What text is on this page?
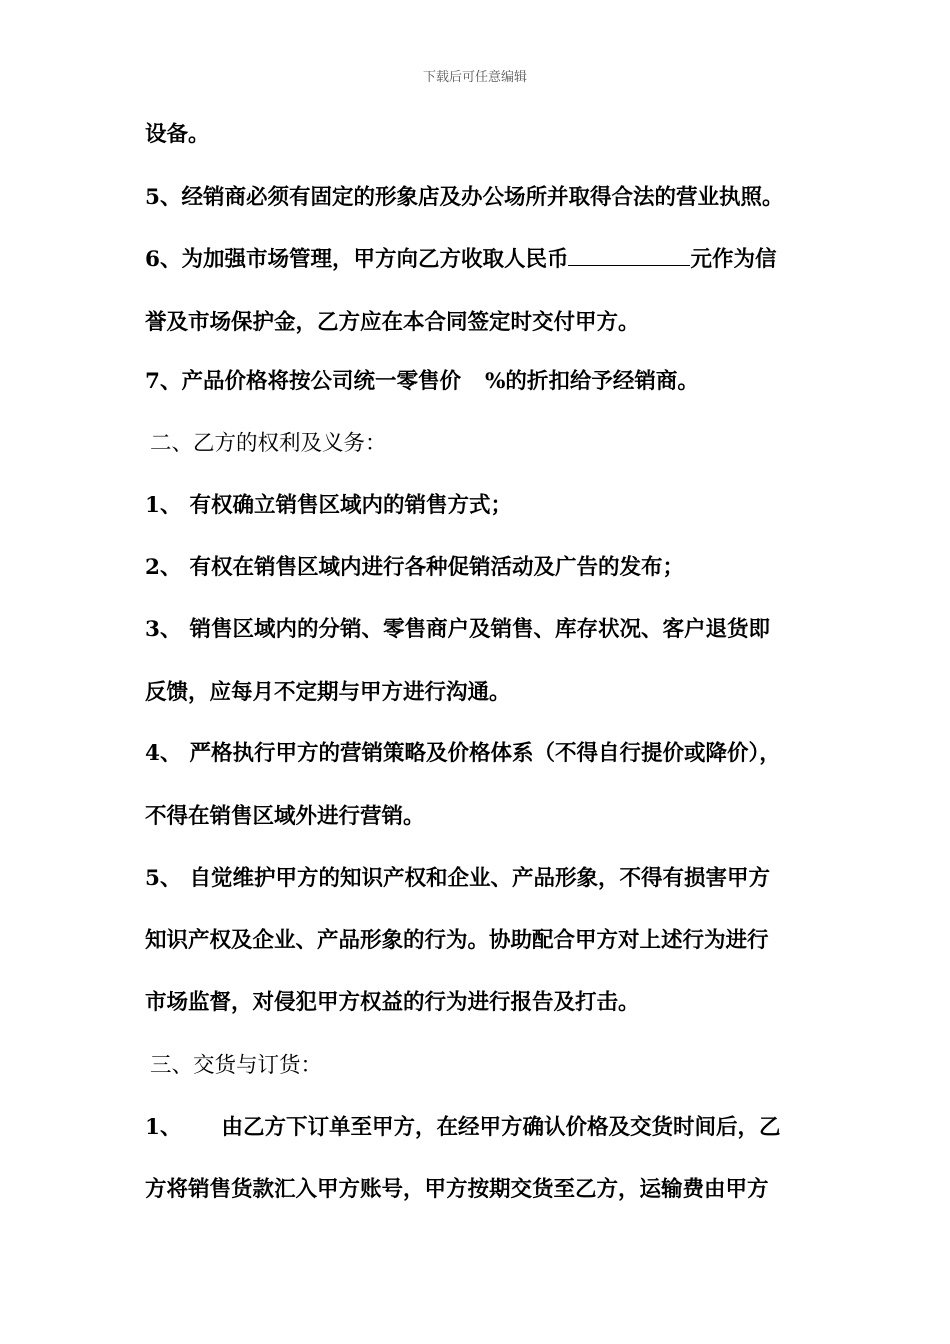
下载后可任意编辑
设备。
5、经销商必须有固定的形象店及办公场所并取得合法的营业执照。
6、为加强市场管理，甲方向乙方收取人民币	元作为信
誉及市场保护金，乙方应在本合同签定时交付甲方。
7、产品价格将按公司统一零售价 %的折扣给予经销商。
二、乙方的权利及义务：
1、 有权确立销售区域内的销售方式；
2、 有权在销售区域内进行各种促销活动及广告的发布；
3、 销售区域内的分销、零售商户及销售、库存状况、客户退货即
反馈，应每月不定期与甲方进行沟通。
4、 严格执行甲方的营销策略及价格体系（不得自行提价或降价），
不得在销售区域外进行营销。
5、 自觉维护甲方的知识产权和企业、产品形象，不得有损害甲方
知识产权及企业、产品形象的行为。协助配合甲方对上述行为进行
市场监督，对侵犯甲方权益的行为进行报告及打击。
三、交货与订货：
1、 由乙方下订单至甲方，在经甲方确认价格及交货时间后，乙
方将销售货款汇入甲方账号，甲方按期交货至乙方，运输费由甲方
